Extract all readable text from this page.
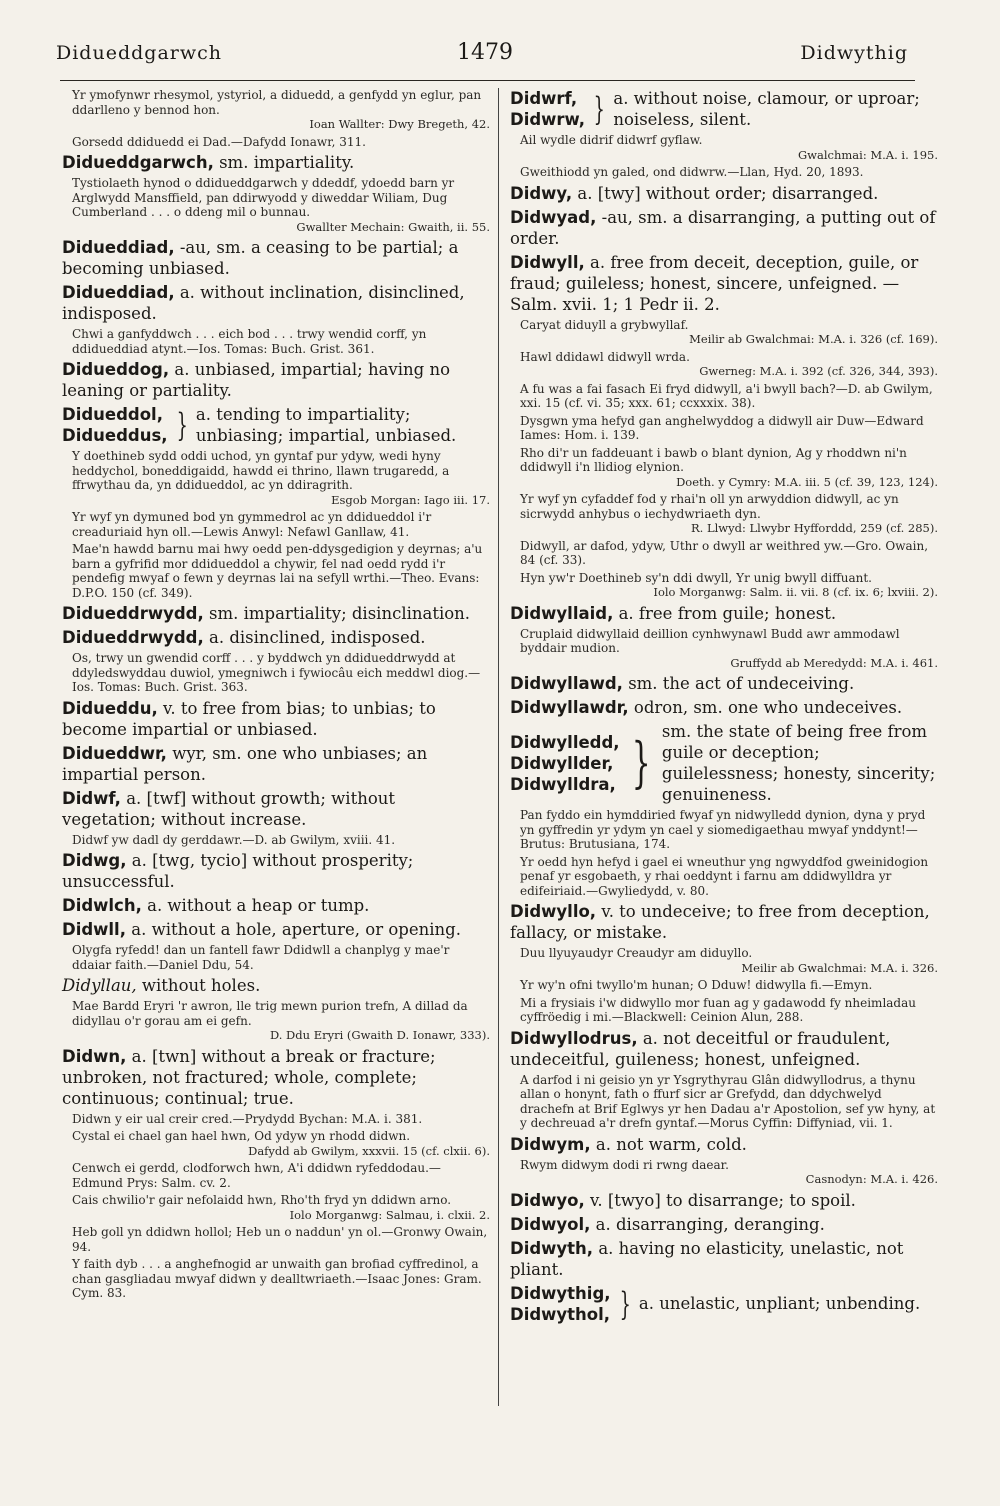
Didueddgarwch	1479	Didwythig

Yr ymofynwr rhesymol, ystyriol, a diduedd, a genfydd yn eglur, pan ddarlleno y bennod hon.
Ioan Wallter: Dwy Bregeth, 42.

Gorsedd ddiduedd ei Dad.—Dafydd Ionawr, 311.

Didueddgarwch, sm. impartiality.

Tystiolaeth hynod o ddidueddgarwch y ddeddf, ydoedd barn yr Arglwydd Mansffield, pan ddirwyodd y diweddar Wiliam, Dug Cumberland . . . o ddeng mil o bunnau.
Gwallter Mechain: Gwaith, ii. 55.

Didueddiad, -au, sm. a ceasing to be partial; a becoming unbiased.

Didueddiad, a. without inclination, disinclined, indisposed.

Chwi a ganfyddwch . . . eich bod . . . trwy wendid corff, yn ddidueddiad atynt.—Ios. Tomas: Buch. Grist. 361.

Didueddog, a. unbiased, impartial; having no leaning or partiality.

Didueddol,
Didueddus, } a. tending to impartiality; unbiasing; impartial, unbiased.

Y doethineb sydd oddi uchod, yn gyntaf pur ydyw, wedi hyny heddychol, boneddigaidd, hawdd ei thrino, llawn trugaredd, a ffrwythau da, yn ddidueddol, ac yn ddiragrith.
Esgob Morgan: Iago iii. 17.

Yr wyf yn dymuned bod yn gymmedrol ac yn ddidueddol i'r creaduriaid hyn oll.—Lewis Anwyl: Nefawl Ganllaw, 41.

Mae'n hawdd barnu mai hwy oedd pen-ddysgedigion y deyrnas; a'u barn a gyfrifid mor ddidueddol a chywir, fel nad oedd rydd i'r pendefig mwyaf o fewn y deyrnas lai na sefyll wrthi.—Theo. Evans: D.P.O. 150 (cf. 349).

Didueddrwydd, sm. impartiality; disinclination.

Didueddrwydd, a. disinclined, indisposed.

Os, trwy un gwendid corff . . . y byddwch yn ddidueddrwydd at ddyledswyddau duwiol, ymegniwch i fywiocâu eich meddwl diog.—Ios. Tomas: Buch. Grist. 363.

Didueddu, v. to free from bias; to unbias; to become impartial or unbiased.

Didueddwr, wyr, sm. one who unbiases; an impartial person.

Didwf, a. [twf] without growth; without vegetation; without increase.

Didwf yw dadl dy gerddawr.—D. ab Gwilym, xviii. 41.

Didwg, a. [twg, tycio] without prosperity; unsuccessful.

Didwlch, a. without a heap or tump.

Didwll, a. without a hole, aperture, or opening.

Olygfa ryfedd! dan un fantell fawr Ddidwll a chanplyg y mae'r ddaiar faith.—Daniel Ddu, 54.

Didyllau, without holes.

Mae Bardd Eryri 'r awron, lle trig mewn purion trefn, A dillad da didyllau o'r gorau am ei gefn.
D. Ddu Eryri (Gwaith D. Ionawr, 333).

Didwn, a. [twn] without a break or fracture; unbroken, not fractured; whole, complete; continuous; continual; true.

Didwn y eir ual creir cred.—Prydydd Bychan: M.A. i. 381.

Cystal ei chael gan hael hwn, Od ydyw yn rhodd didwn.
Dafydd ab Gwilym, xxxvii. 15 (cf. clxii. 6).

Cenwch ei gerdd, clodforwch hwn, A'i ddidwn ryfeddodau.—Edmund Prys: Salm. cv. 2.

Cais chwilio'r gair nefolaidd hwn, Rho'th fryd yn ddidwn arno.
Iolo Morganwg: Salmau, i. clxii. 2.

Heb goll yn ddidwn hollol; Heb un o naddun' yn ol.—Gronwy Owain, 94.

Y faith dyb . . . a anghefnogid ar unwaith gan brofiad cyffredinol, a chan gasgliadau mwyaf didwn y dealltwriaeth.—Isaac Jones: Gram. Cym. 83.

Didwrf,
Didwrw, } a. without noise, clamour, or uproar; noiseless, silent.

Ail wydle didrif didwrf gyflaw.
Gwalchmai: M.A. i. 195.

Gweithiodd yn galed, ond didwrw.—Llan, Hyd. 20, 1893.

Didwy, a. [twy] without order; disarranged.

Didwyad, -au, sm. a disarranging, a putting out of order.

Didwyll, a. free from deceit, deception, guile, or fraud; guileless; honest, sincere, unfeigned. —Salm. xvii. 1; 1 Pedr ii. 2.

Caryat diduyll a grybwyllaf.
Meilir ab Gwalchmai: M.A. i. 326 (cf. 169).

Hawl ddidawl didwyll wrda.
Gwerneg: M.A. i. 392 (cf. 326, 344, 393).

A fu was a fai fasach Ei fryd didwyll, a'i bwyll bach?—D. ab Gwilym, xxi. 15 (cf. vi. 35; xxx. 61; ccxxxix. 38).

Dysgwn yma hefyd gan anghelwyddog a didwyll air Duw—Edward Iames: Hom. i. 139.

Rho di'r un faddeuant i bawb o blant dynion, Ag y rhoddwn ni'n ddidwyll i'n llidiog elynion.
Doeth. y Cymry: M.A. iii. 5 (cf. 39, 123, 124).

Yr wyf yn cyfaddef fod y rhai'n oll yn arwyddion didwyll, ac yn sicrwydd anhybus o iechydwriaeth dyn.
R. Llwyd: Llwybr Hyfforddd, 259 (cf. 285).

Didwyll, ar dafod, ydyw, Uthr o dwyll ar weithred yw.—Gro. Owain, 84 (cf. 33).

Hyn yw'r Doethineb sy'n ddi dwyll, Yr unig bwyll diffuant.
Iolo Morganwg: Salm. ii. vii. 8 (cf. ix. 6; lxviii. 2).

Didwyllaid, a. free from guile; honest.

Cruplaid didwyllaid deillion cynhwynawl Budd awr ammodawl byddair mudion.
Gruffydd ab Meredydd: M.A. i. 461.

Didwyllawd, sm. the act of undeceiving.

Didwyllawdr, odron, sm. one who undeceives.

Didwylledd,
Didwyllder,
Didwylldra, } sm. the state of being free from guile or deception; guilelessness; honesty, sincerity; genuineness.

Pan fyddo ein hymddiried fwyaf yn nidwylledd dynion, dyna y pryd yn gyffredin yr ydym yn cael y siomedigaethau mwyaf ynddynt!—Brutus: Brutusiana, 174.

Yr oedd hyn hefyd i gael ei wneuthur yng ngwyddfod gweinidogion penaf yr esgobaeth, y rhai oeddynt i farnu am ddidwylldra yr edifeiriaid.—Gwyliedydd, v. 80.

Didwyllo, v. to undeceive; to free from deception, fallacy, or mistake.

Duu llyuyaudyr Creaudyr am diduyllo.
Meilir ab Gwalchmai: M.A. i. 326.

Yr wy'n ofni twyllo'm hunan; O Dduw! didwylla fi.—Emyn.

Mi a frysiais i'w didwyllo mor fuan ag y gadawodd fy nheimladau cyffröedig i mi.—Blackwell: Ceinion Alun, 288.

Didwyllodrus, a. not deceitful or fraudulent, undeceitful, guileness; honest, unfeigned.

A darfod i ni geisio yn yr Ysgrythyrau Glân didwyllodrus, a thynu allan o honynt, fath o ffurf sicr ar Grefydd, dan ddychwelyd drachefn at Brif Eglwys yr hen Dadau a'r Apostolion, sef yw hyny, at y dechreuad a'r drefn gyntaf.—Morus Cyffin: Diffyniad, vii. 1.

Didwym, a. not warm, cold.

Rwym didwym dodi ri rwng daear.
Casnodyn: M.A. i. 426.

Didwyo, v. [twyo] to disarrange; to spoil.

Didwyol, a. disarranging, deranging.

Didwyth, a. having no elasticity, unelastic, not pliant.

Didwythig,
Didwythol, } a. unelastic, unpliant; unbending.
